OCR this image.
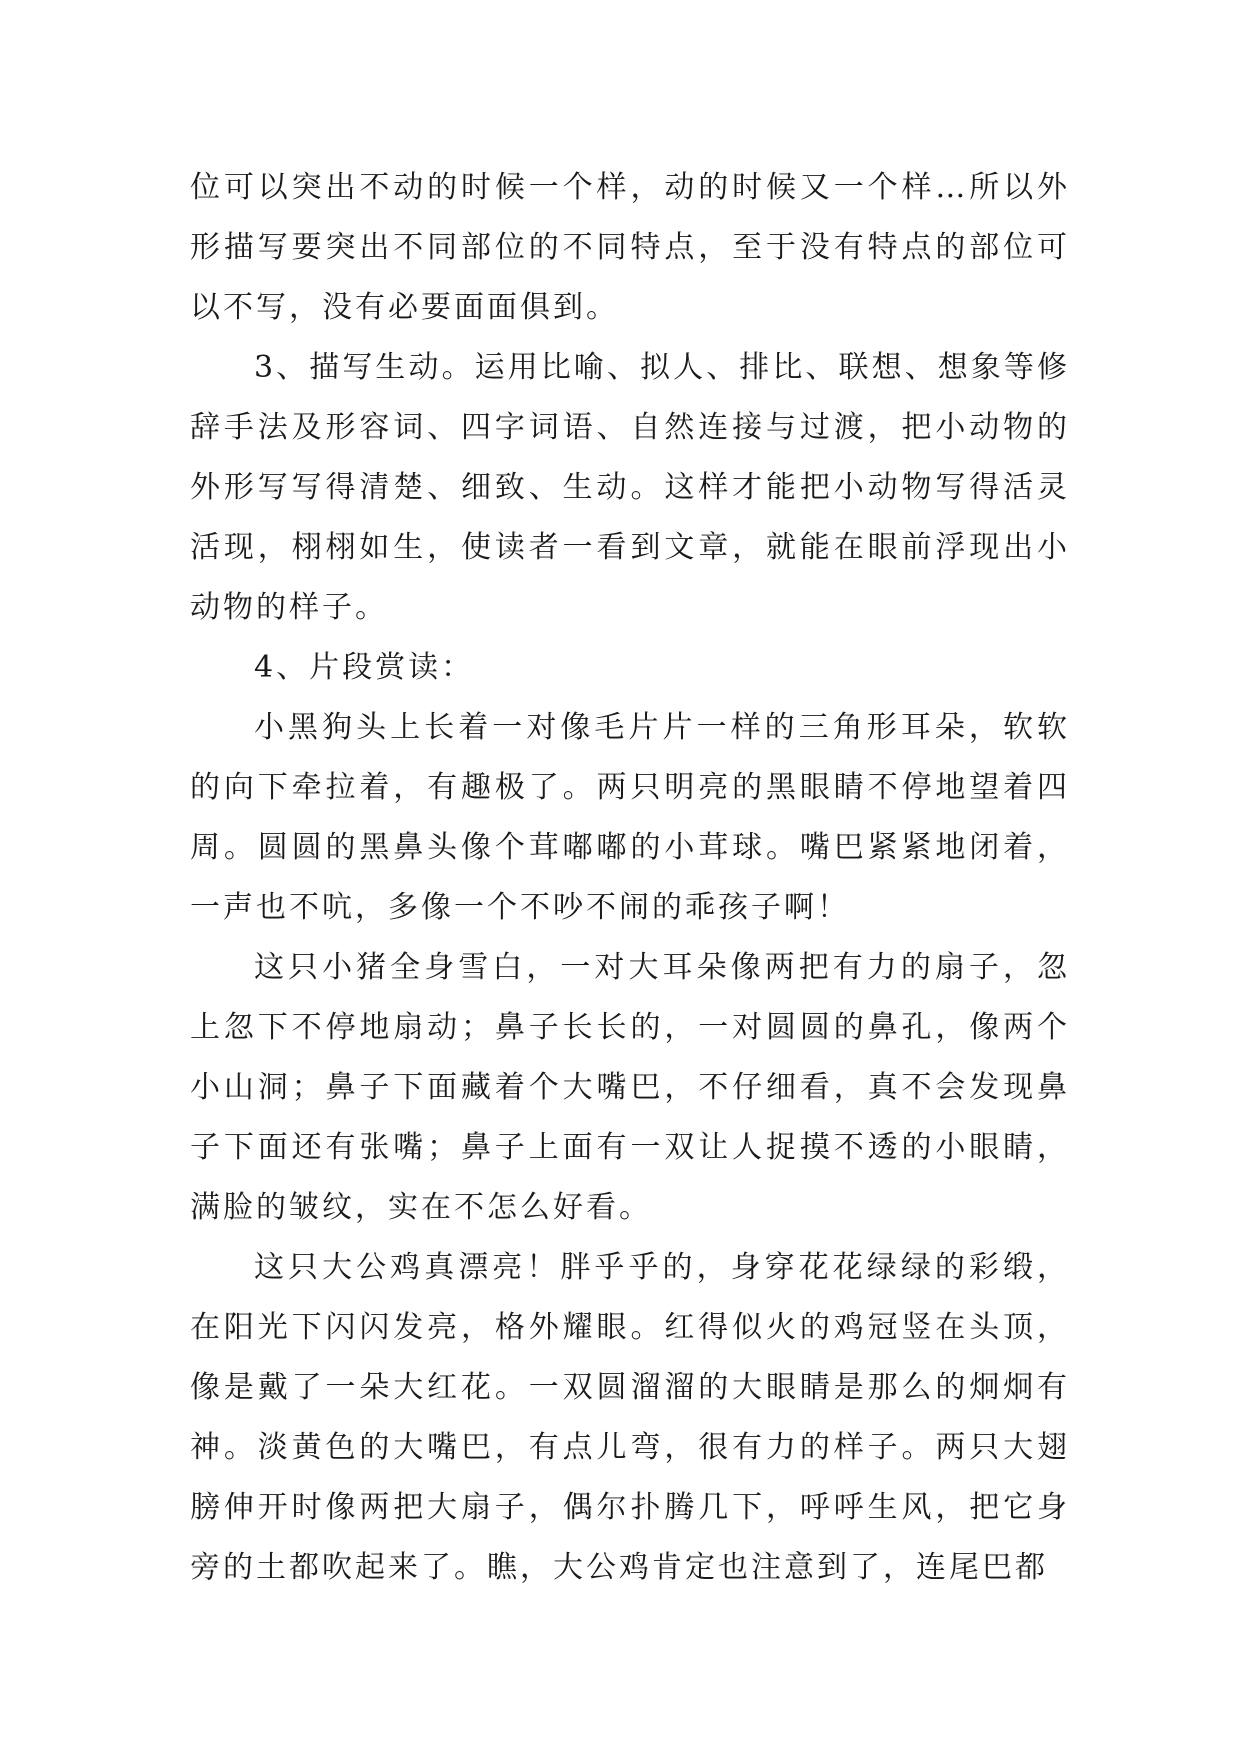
位可以突出不动的时候一个样，动的时候又一个样…所以外形描写要突出不同部位的不同特点，至于没有特点的部位可以不写，没有必要面面俱到。

3、描写生动。运用比喻、拟人、排比、联想、想象等修辞手法及形容词、四字词语、自然连接与过渡，把小动物的外形写写得清楚、细致、生动。这样才能把小动物写得活灵活现，栩栩如生，使读者一看到文章，就能在眼前浮现出小动物的样子。

4、片段赏读：

小黑狗头上长着一对像毛片片一样的三角形耳朵，软软的向下牵拉着，有趣极了。两只明亮的黑眼睛不停地望着四周。圆圆的黑鼻头像个茸嘟嘟的小茸球。嘴巴紧紧地闭着，一声也不吭，多像一个不吵不闹的乖孩子啊！

这只小猪全身雪白，一对大耳朵像两把有力的扇子，忽上忽下不停地扇动；鼻子长长的，一对圆圆的鼻孔，像两个小山洞；鼻子下面藏着个大嘴巴，不仔细看，真不会发现鼻子下面还有张嘴；鼻子上面有一双让人捉摸不透的小眼睛，满脸的皱纹，实在不怎么好看。

这只大公鸡真漂亮！胖乎乎的，身穿花花绿绿的彩缎，在阳光下闪闪发亮，格外耀眼。红得似火的鸡冠竖在头顶，像是戴了一朵大红花。一双圆溜溜的大眼睛是那么的炯炯有神。淡黄色的大嘴巴，有点儿弯，很有力的样子。两只大翅膀伸开时像两把大扇子，偶尔扑腾几下，呼呼生风，把它身旁的土都吹起来了。瞧，大公鸡肯定也注意到了，连尾巴都
